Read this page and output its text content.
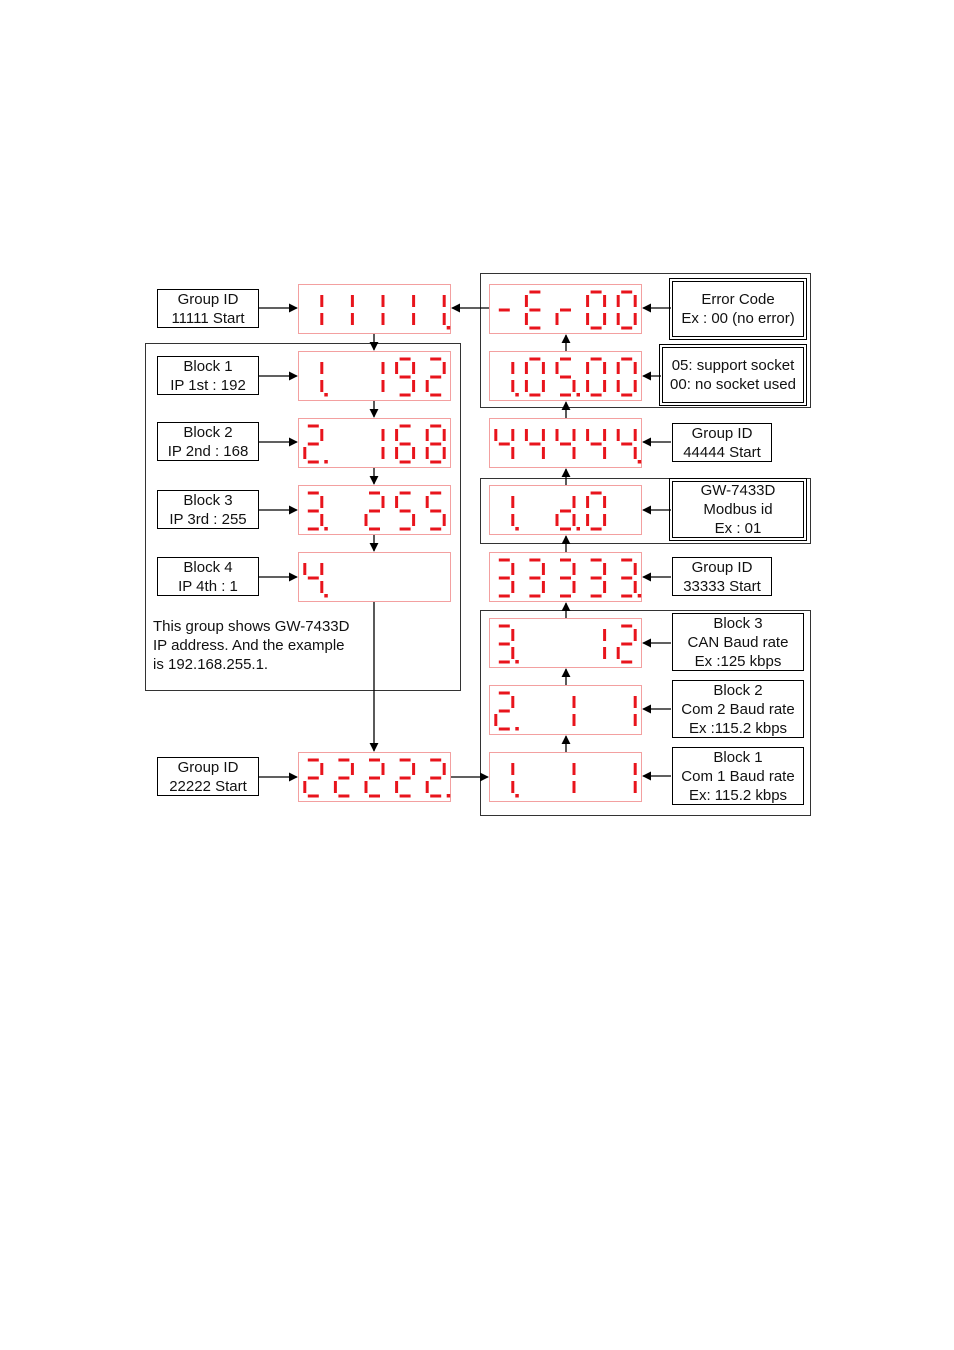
Group ID
11111 Start
Block 1
IP 1st : 192
Block 2
IP 2nd : 168
Block 3
IP 3rd : 255
Block 4
IP 4th : 1
Group ID
22222 Start
This group shows GW-7433D
IP address. And the example
is 192.168.255.1.
Error Code
Ex : 00 (no error)
05: support socket
00: no socket used
Group ID
44444 Start
GW-7433D
Modbus id
Ex : 01
Group ID
33333 Start
Block 3
CAN Baud rate
Ex :125 kbps
Block 2
Com 2 Baud rate
Ex :115.2 kbps
Block 1
Com 1 Baud rate
Ex: 115.2 kbps
